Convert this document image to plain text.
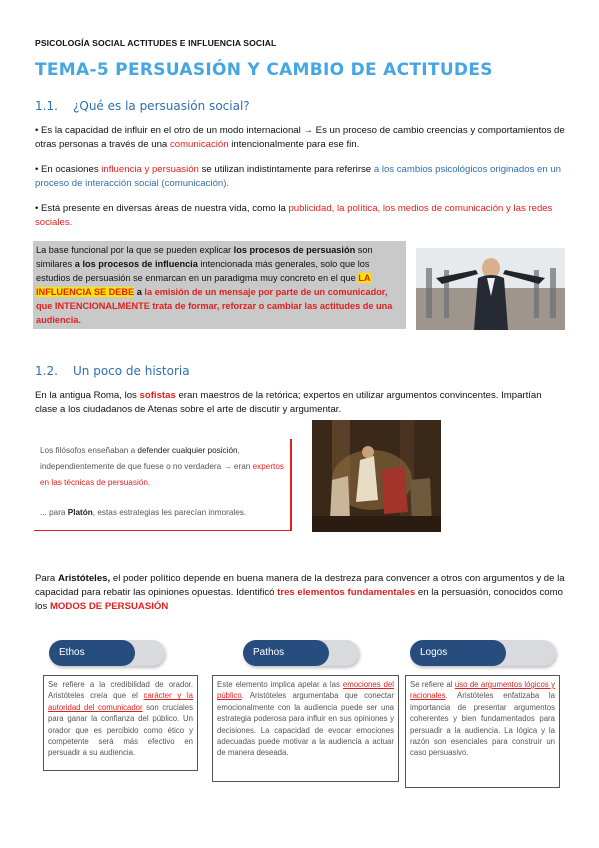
PSICOLOGÍA SOCIAL ACTITUDES E INFLUENCIA SOCIAL
TEMA-5 PERSUASIÓN Y CAMBIO DE ACTITUDES
1.1. ¿Qué es la persuasión social?
• Es la capacidad de influir en el otro de un modo internacional → Es un proceso de cambio creencias y comportamientos de otras personas a través de una comunicación intencionalmente para ese fin.
• En ocasiones influencia y persuasión se utilizan indistintamente para referirse a los cambios psicológicos originados en un proceso de interacción social (comunicación).
• Está presente en diversas áreas de nuestra vida, como la publicidad, la política, los medios de comunicación y las redes sociales.
La base funcional por la que se pueden explicar los procesos de persuasión son similares a los procesos de influencia intencionada más generales, solo que los estudios de persuasión se enmarcan en un paradigma muy concreto en el que LA INFLUENCIA SE DEBE a la emisión de un mensaje por parte de un comunicador, que INTENCIONALMENTE trata de formar, reforzar o cambiar las actitudes de una audiencia.
1.2. Un poco de historia
En la antigua Roma, los sofistas eran maestros de la retórica; expertos en utilizar argumentos convincentes. Impartían clase a los ciudadanos de Atenas sobre el arte de discutir y argumentar.
Los filósofos enseñaban a defender cualquier posición, independientemente de que fuese o no verdadera → eran expertos en las técnicas de persuasión.
... para Platón, estas estrategias les parecían inmorales.
Para Aristóteles, el poder político depende en buena manera de la destreza para convencer a otros con argumentos y de la capacidad para rebatir las opiniones opuestas. Identificó tres elementos fundamentales en la persuasión, conocidos como los MODOS DE PERSUASIÓN
Ethos
Se refiere a la credibilidad de orador. Aristóteles creía que el carácter y la autoridad del comunicador son cruciales para ganar la confianza del público. Un orador que es percibido como ético y competente será más efectivo en persuadir a su audiencia.
Pathos
Este elemento implica apelar a las emociones del público. Aristóteles argumentaba que conectar emocionalmente con la audiencia puede ser una estrategia poderosa para influir en sus opiniones y decisiones. La capacidad de evocar emociones adecuadas puede motivar a la audiencia a actuar de manera deseada.
Logos
Se refiere al uso de argumentos lógicos y racionales. Aristóteles enfatizaba la importancia de presentar argumentos coherentes y bien fundamentados para persuadir a la audiencia. La lógica y la razón son esenciales para construir un caso persuasivo.
